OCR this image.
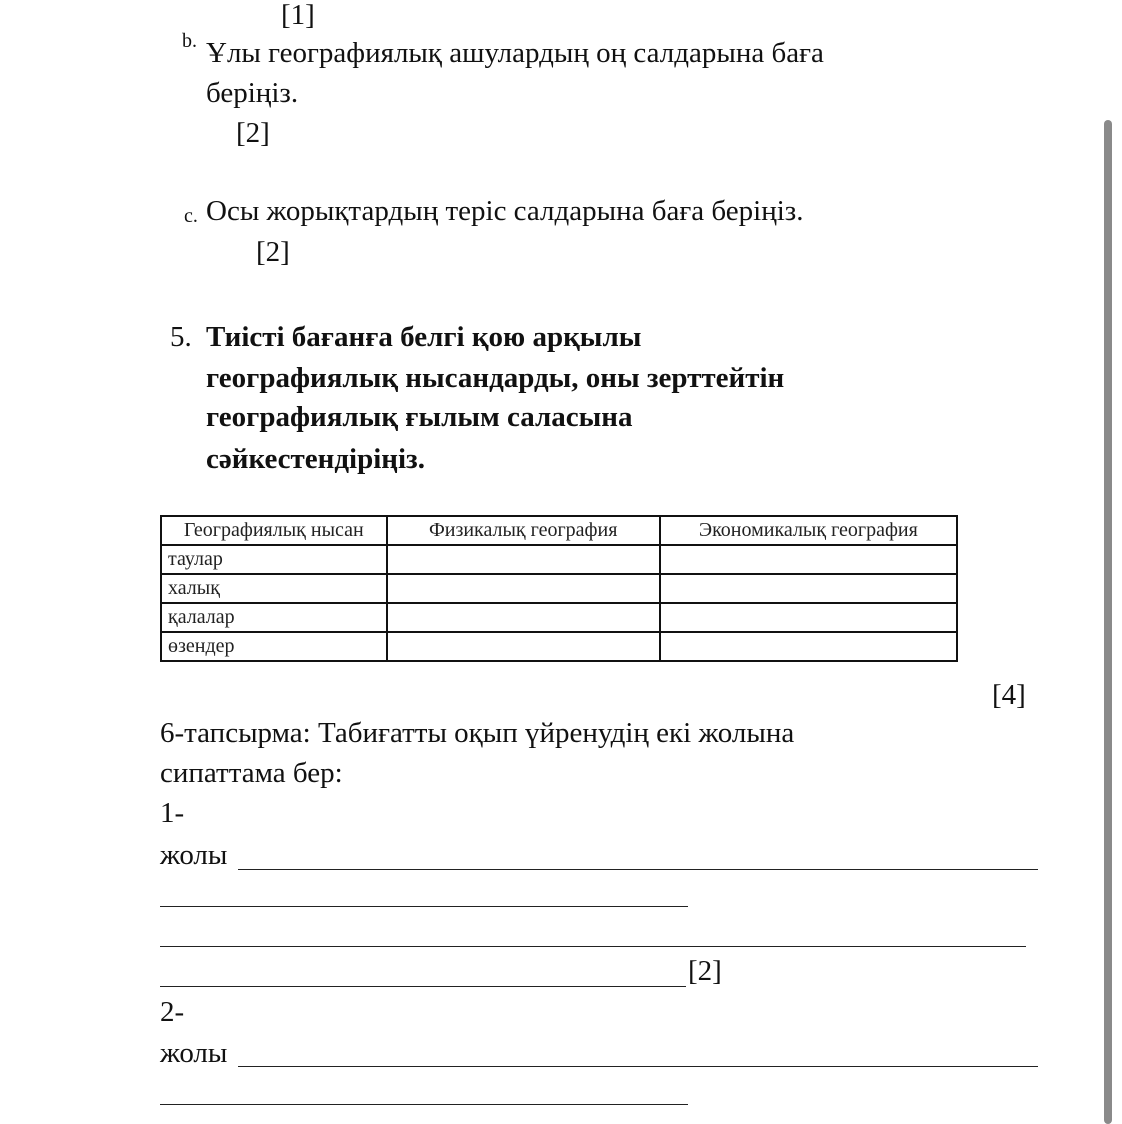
[1]
b. Ұлы географиялық ашулардың оң салдарына баға
беріңіз.
[2]
c. Осы жорықтардың теріс салдарына баға беріңіз.
[2]
5. Тиісті бағанға белгі қою арқылы
географиялық нысандарды, оны зерттейтін
географиялық ғылым саласына
сәйкестендіріңіз.
Географиялық нысан	Физикалық география	Экономикалық география
таулар		
халық		
қалалар		
өзендер		
[4]
6-тапсырма: Табиғатты оқып үйренудің екі жолына
сипаттама бер:
1-
жолы
[2]
2-
жолы
